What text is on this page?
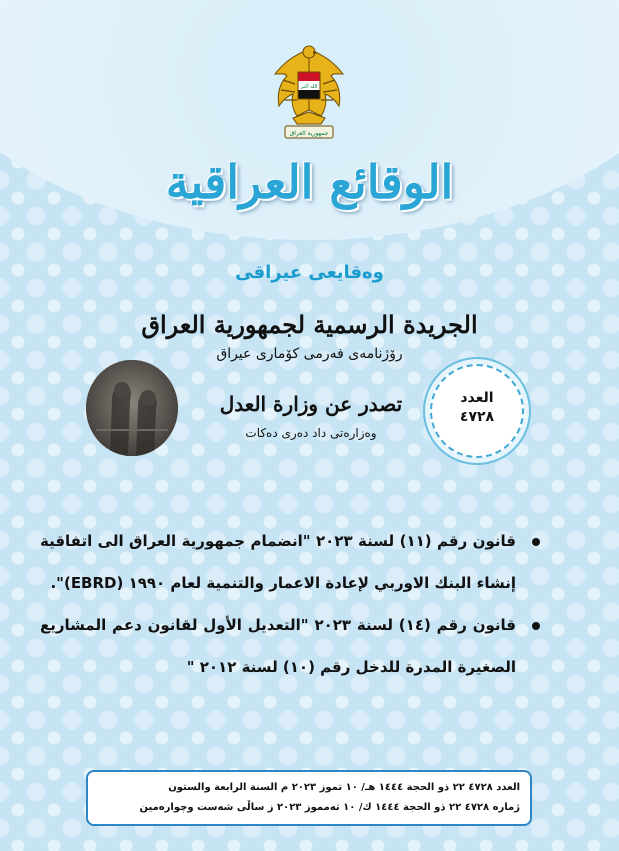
الله أكبر
جمهورية العراق
الوقائع العراقية
وەقایعی عیراقی
الجريدة الرسمية لجمهورية العراق
رۆژنامەی فەرمی كۆماری عیراق
تصدر عن وزارة العدل
وەزارەتی داد دەری دەكات
العدد
٤٧٢٨
قانون رقم (١١) لسنة ٢٠٢٣ "انضمام جمهورية العراق الى اتفاقية إنشاء البنك الاوربي لإعادة الاعمار والتنمية لعام ١٩٩٠ (EBRD)".
قانون رقم (١٤) لسنة ٢٠٢٣ "التعديل الأول لقانون دعم المشاريع الصغيرة المدرة للدخل رقم (١٠) لسنة ٢٠١٢ "
العدد ٤٧٢٨ ٢٢ ذو الحجة ١٤٤٤ هـ/ ١٠ تموز ٢٠٢٣ م السنة الرابعة والستون
ژمارە ٤٧٢٨ ٢٢ ذو الحجة ١٤٤٤ ك/ ١٠ تەمموز ٢٠٢٣ ز ساڵی شەست وچوارەمین
